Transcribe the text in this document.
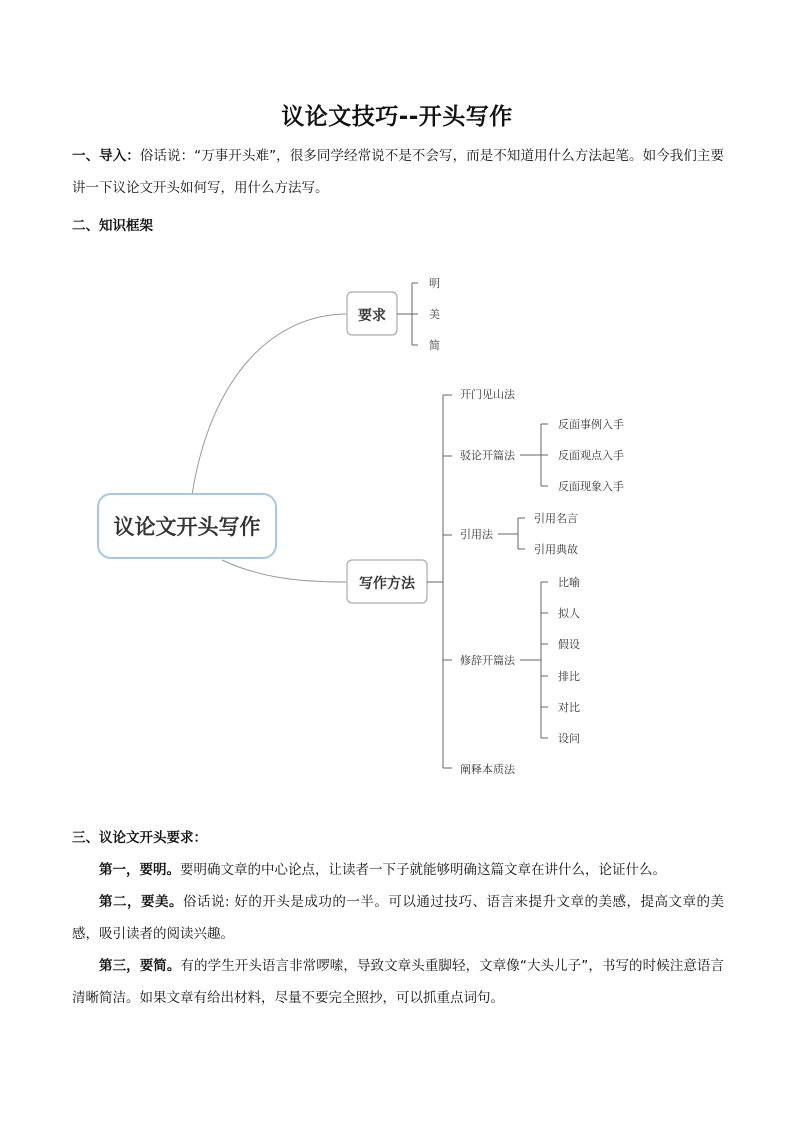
议论文技巧--开头写作
一、导入：俗话说：“万事开头难”，很多同学经常说不是不会写，而是不知道用什么方法起笔。如今我们主要讲一下议论文开头如何写，用什么方法写。
二、知识框架
议论文开头写作
要求
明
美
简
写作方法
开门见山法
驳论开篇法
反面事例入手
反面观点入手
反面现象入手
引用法
引用名言
引用典故
修辞开篇法
比喻
拟人
假设
排比
对比
设问
阐释本质法
三、议论文开头要求：
第一，要明。要明确文章的中心论点，让读者一下子就能够明确这篇文章在讲什么，论证什么。
第二，要美。俗话说: 好的开头是成功的一半。可以通过技巧、语言来提升文章的美感，提高文章的美感，吸引读者的阅读兴趣。
第三，要简。有的学生开头语言非常啰嗦，导致文章头重脚轻，文章像“大头儿子”，书写的时候注意语言清晰简洁。如果文章有给出材料，尽量不要完全照抄，可以抓重点词句。
